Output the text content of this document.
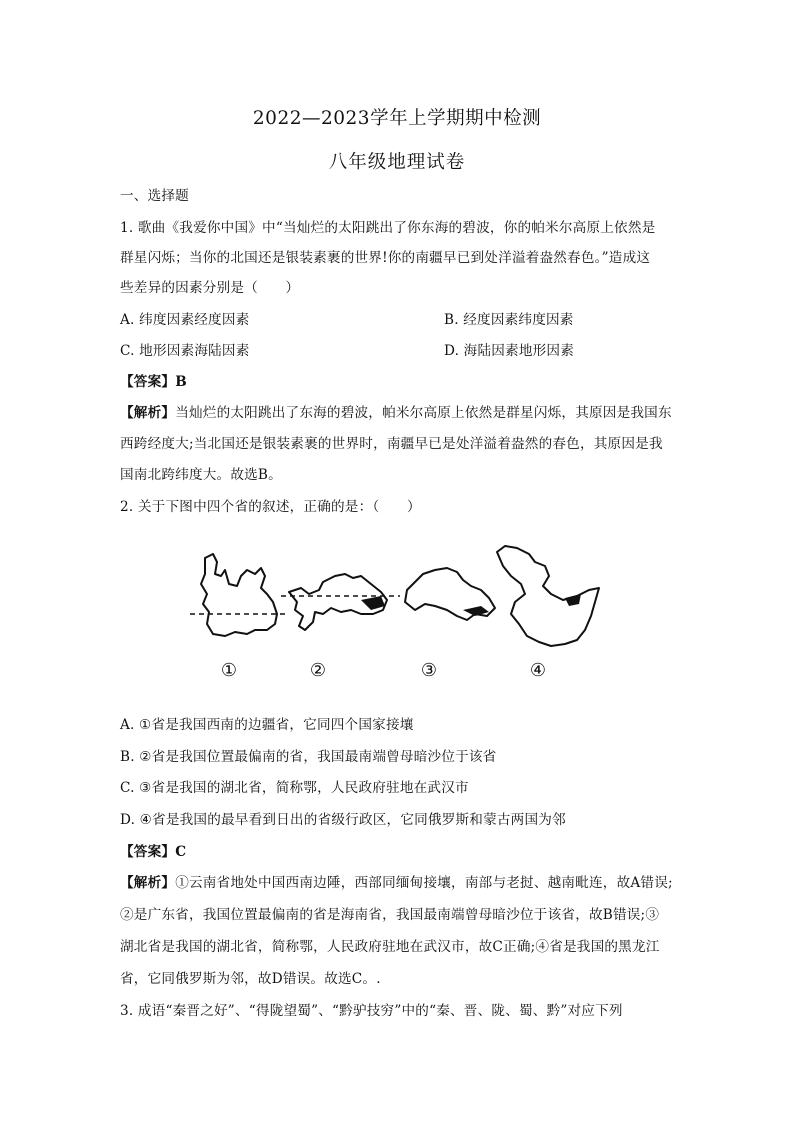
2022—2023学年上学期期中检测
八年级地理试卷
一、选择题
1. 歌曲《我爱你中国》中“当灿烂的太阳跳出了你东海的碧波，你的帕米尔高原上依然是
群星闪烁；当你的北国还是银装素裹的世界!你的南疆早已到处洋溢着盎然春色。”造成这
些差异的因素分别是（　　）
A. 纬度因素经度因素	B. 经度因素纬度因素
C. 地形因素海陆因素	D. 海陆因素地形因素
【答案】B
【解析】当灿烂的太阳跳出了东海的碧波，帕米尔高原上依然是群星闪烁，其原因是我国东
西跨经度大;当北国还是银装素裹的世界时，南疆早已是处洋溢着盎然的春色，其原因是我
国南北跨纬度大。故选B。
2. 关于下图中四个省的叙述，正确的是：（　　）
①	②	③	④
A. ①省是我国西南的边疆省，它同四个国家接壤
B. ②省是我国位置最偏南的省，我国最南端曾母暗沙位于该省
C. ③省是我国的湖北省，简称鄂，人民政府驻地在武汉市
D. ④省是我国的最早看到日出的省级行政区，它同俄罗斯和蒙古两国为邻
【答案】C
【解析】①云南省地处中国西南边陲，西部同缅甸接壤，南部与老挝、越南毗连，故A错误;
②是广东省，我国位置最偏南的省是海南省，我国最南端曾母暗沙位于该省，故B错误;③
湖北省是我国的湖北省，简称鄂，人民政府驻地在武汉市，故C正确;④省是我国的黑龙江
省，它同俄罗斯为邻，故D错误。故选C。.
3. 成语“秦晋之好”、“得陇望蜀”、“黔驴技穷”中的“秦、晋、陇、蜀、黔”对应下列
